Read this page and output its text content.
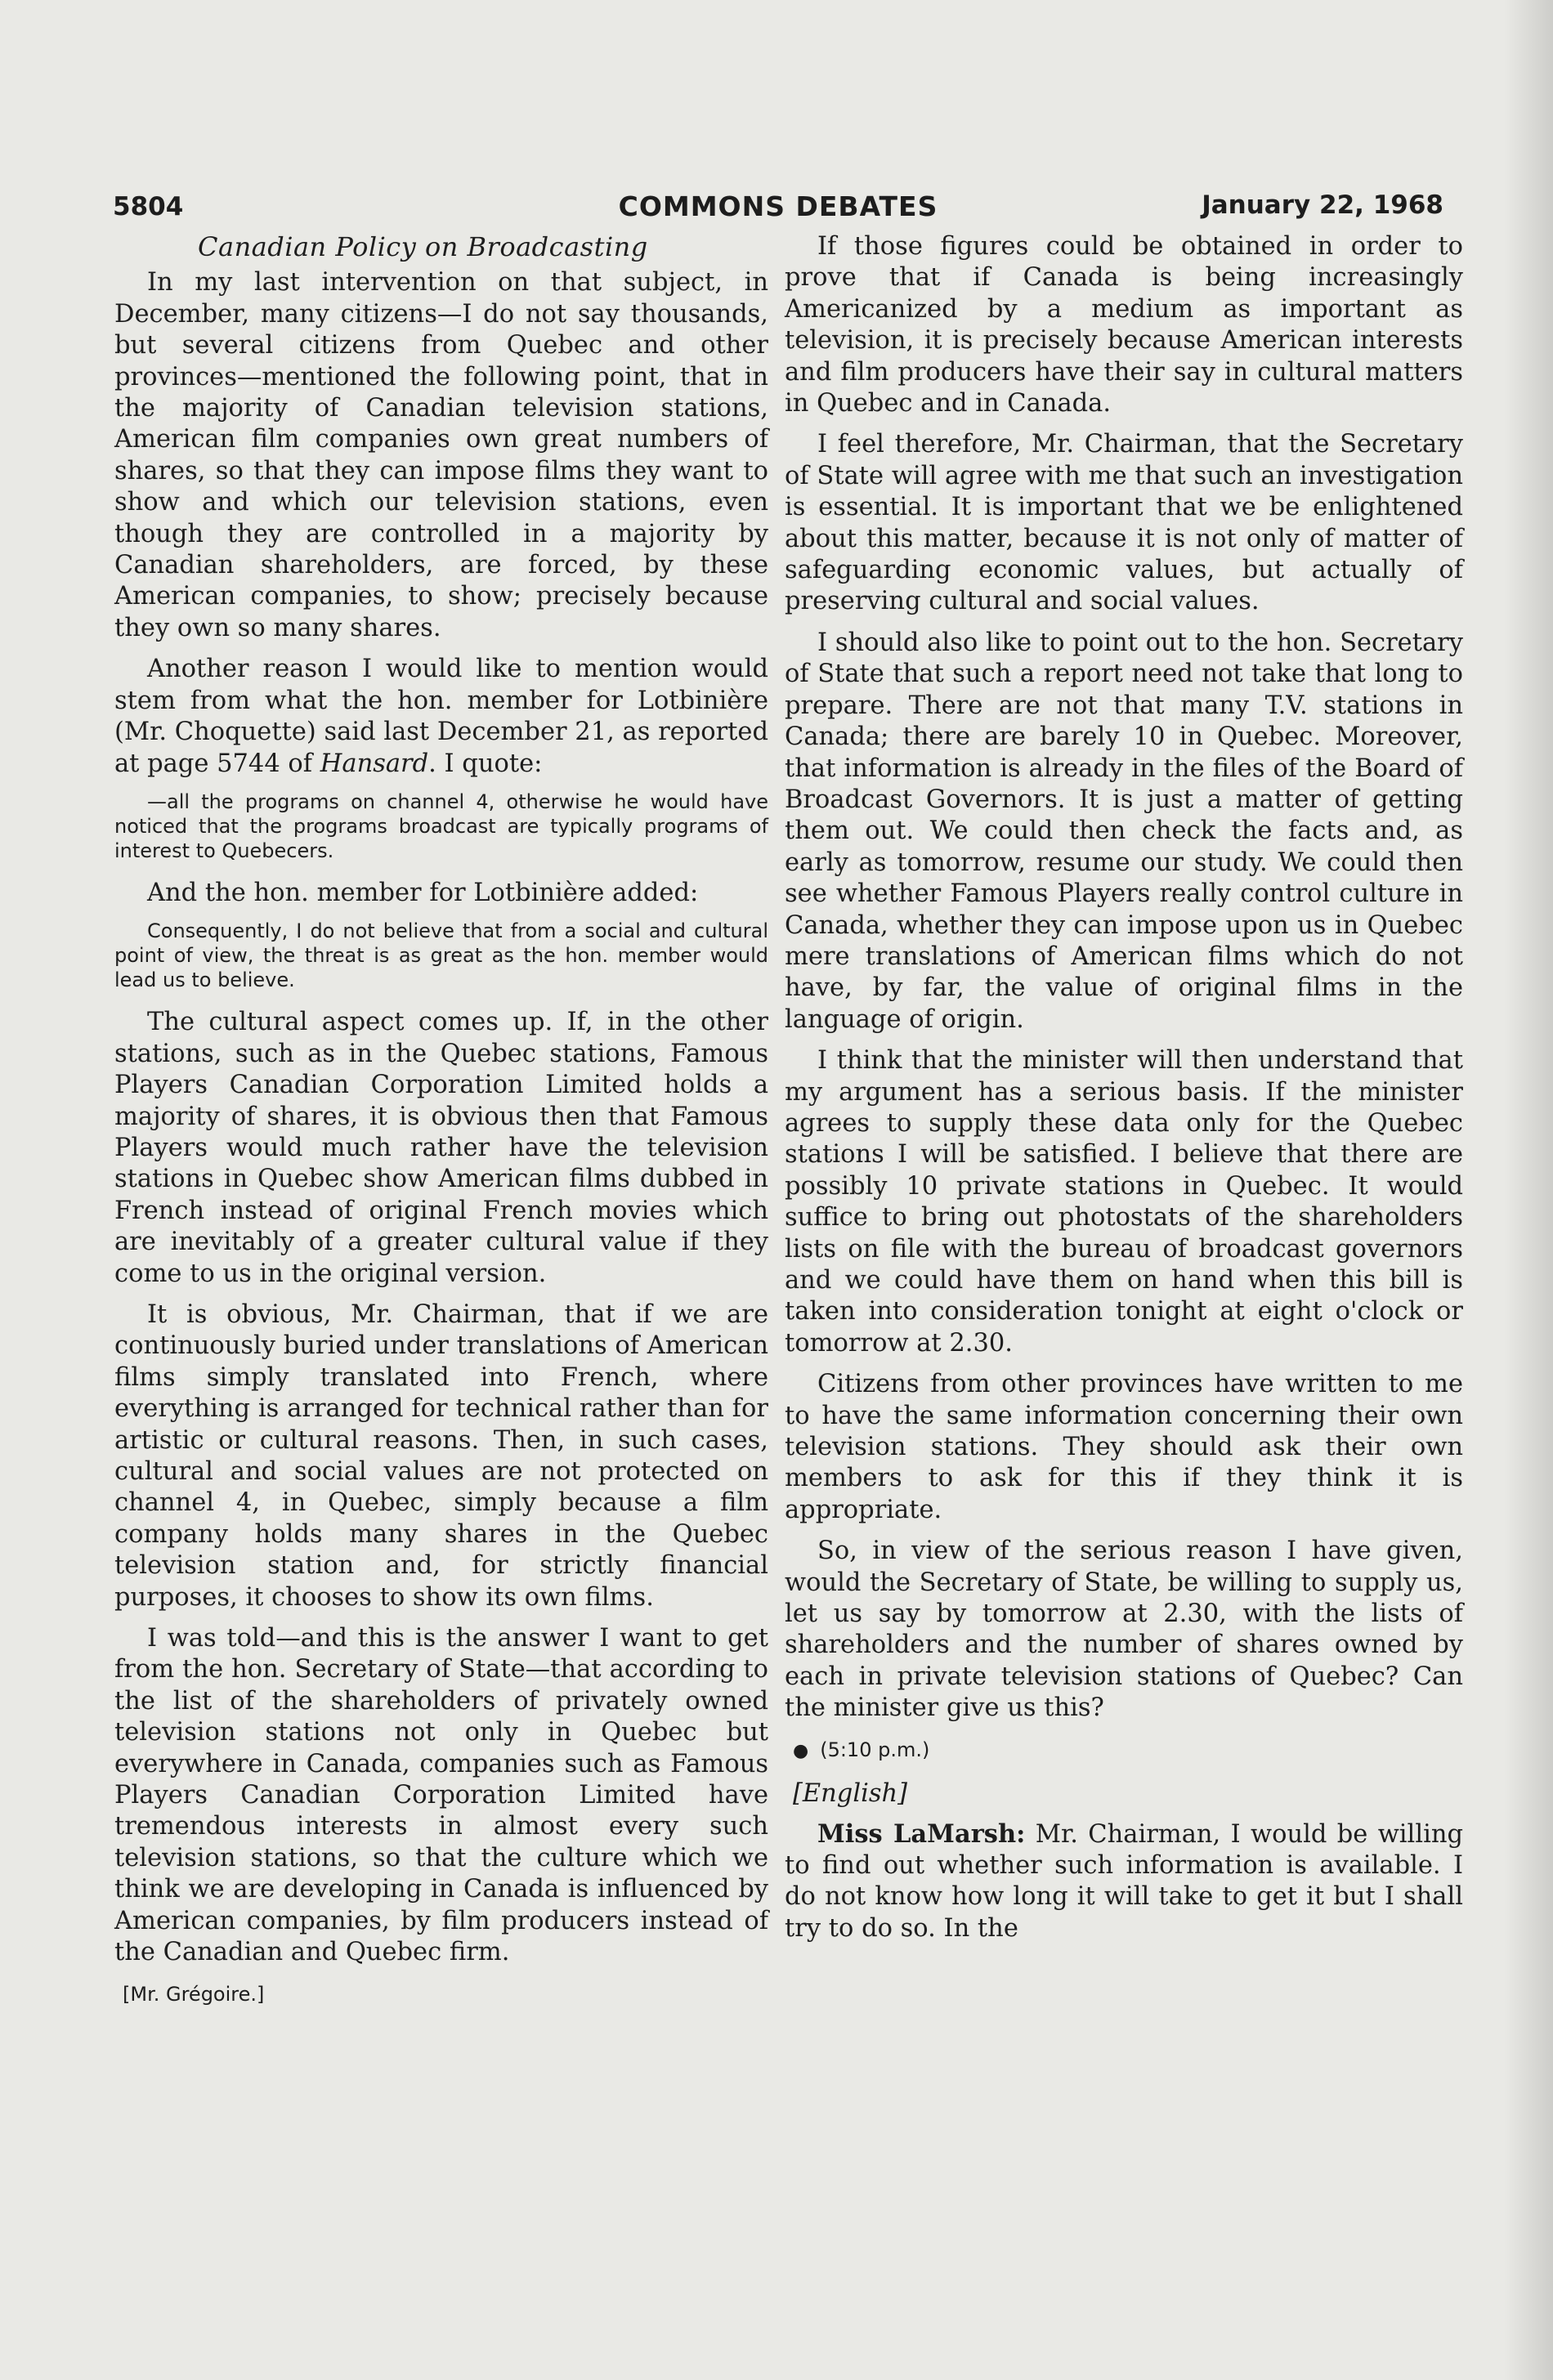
5804	COMMONS DEBATES	January 22, 1968
Canadian Policy on Broadcasting

In my last intervention on that subject, in December, many citizens—I do not say thousands, but several citizens from Quebec and other provinces—mentioned the following point, that in the majority of Canadian television stations, American film companies own great numbers of shares, so that they can impose films they want to show and which our television stations, even though they are controlled in a majority by Canadian shareholders, are forced, by these American companies, to show; precisely because they own so many shares.

Another reason I would like to mention would stem from what the hon. member for Lotbinière (Mr. Choquette) said last December 21, as reported at page 5744 of Hansard. I quote:

—all the programs on channel 4, otherwise he would have noticed that the programs broadcast are typically programs of interest to Quebecers.

And the hon. member for Lotbinière added:

Consequently, I do not believe that from a social and cultural point of view, the threat is as great as the hon. member would lead us to believe.

The cultural aspect comes up. If, in the other stations, such as in the Quebec stations, Famous Players Canadian Corporation Limited holds a majority of shares, it is obvious then that Famous Players would much rather have the television stations in Quebec show American films dubbed in French instead of original French movies which are inevitably of a greater cultural value if they come to us in the original version.

It is obvious, Mr. Chairman, that if we are continuously buried under translations of American films simply translated into French, where everything is arranged for technical rather than for artistic or cultural reasons. Then, in such cases, cultural and social values are not protected on channel 4, in Quebec, simply because a film company holds many shares in the Quebec television station and, for strictly financial purposes, it chooses to show its own films.

I was told—and this is the answer I want to get from the hon. Secretary of State—that according to the list of the shareholders of privately owned television stations not only in Quebec but everywhere in Canada, companies such as Famous Players Canadian Corporation Limited have tremendous interests in almost every such television stations, so that the culture which we think we are developing in Canada is influenced by American companies, by film producers instead of the Canadian and Quebec firm.

[Mr. Grégoire.]

If those figures could be obtained in order to prove that if Canada is being increasingly Americanized by a medium as important as television, it is precisely because American interests and film producers have their say in cultural matters in Quebec and in Canada.

I feel therefore, Mr. Chairman, that the Secretary of State will agree with me that such an investigation is essential. It is important that we be enlightened about this matter, because it is not only of matter of safeguarding economic values, but actually of preserving cultural and social values.

I should also like to point out to the hon. Secretary of State that such a report need not take that long to prepare. There are not that many T.V. stations in Canada; there are barely 10 in Quebec. Moreover, that information is already in the files of the Board of Broadcast Governors. It is just a matter of getting them out. We could then check the facts and, as early as tomorrow, resume our study. We could then see whether Famous Players really control culture in Canada, whether they can impose upon us in Quebec mere translations of American films which do not have, by far, the value of original films in the language of origin.

I think that the minister will then understand that my argument has a serious basis. If the minister agrees to supply these data only for the Quebec stations I will be satisfied. I believe that there are possibly 10 private stations in Quebec. It would suffice to bring out photostats of the shareholders lists on file with the bureau of broadcast governors and we could have them on hand when this bill is taken into consideration tonight at eight o'clock or tomorrow at 2.30.

Citizens from other provinces have written to me to have the same information concerning their own television stations. They should ask their own members to ask for this if they think it is appropriate.

So, in view of the serious reason I have given, would the Secretary of State, be willing to supply us, let us say by tomorrow at 2.30, with the lists of shareholders and the number of shares owned by each in private television stations of Quebec? Can the minister give us this?

● (5:10 p.m.)
[English]

Miss LaMarsh: Mr. Chairman, I would be willing to find out whether such information is available. I do not know how long it will take to get it but I shall try to do so. In the
